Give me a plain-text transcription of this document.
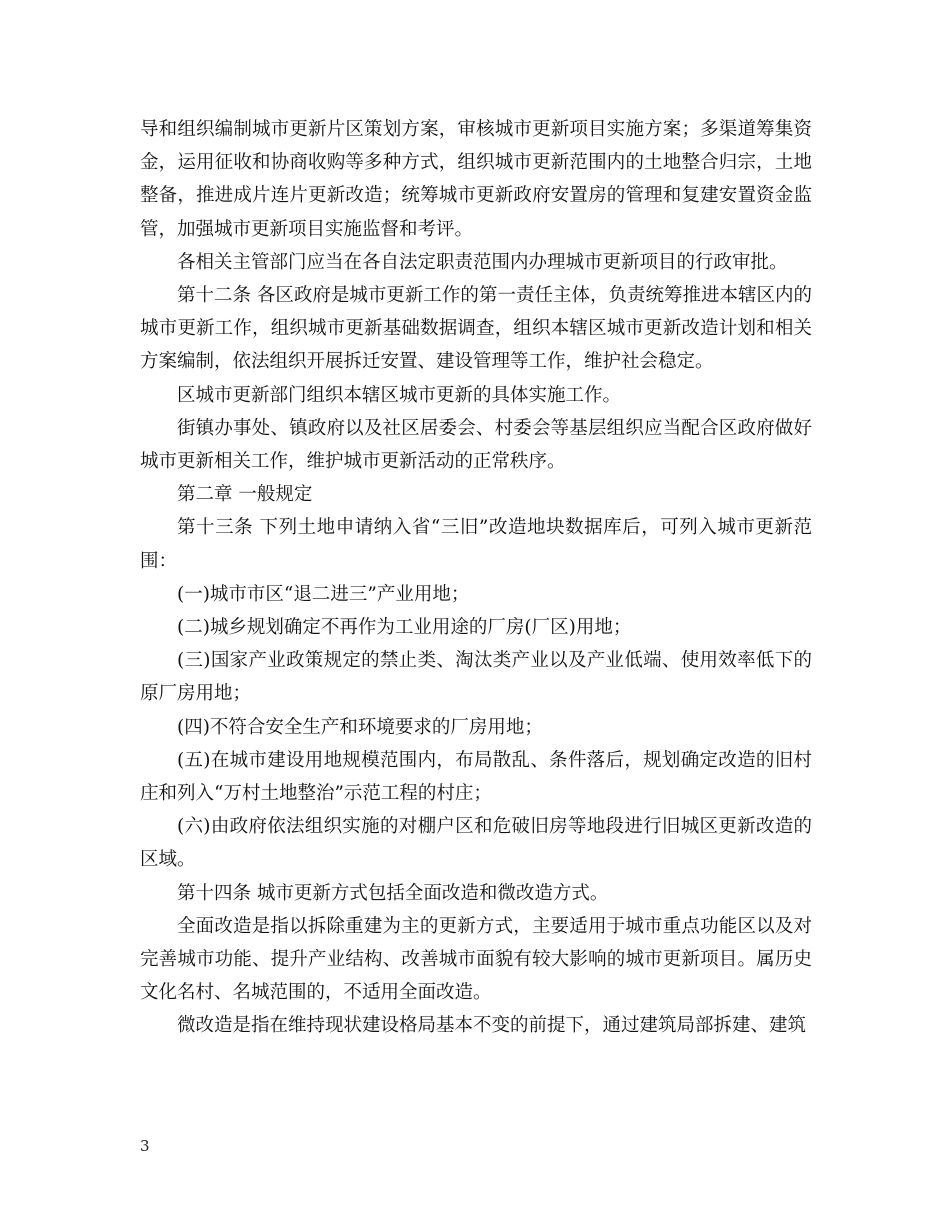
导和组织编制城市更新片区策划方案，审核城市更新项目实施方案；多渠道筹集资金，运用征收和协商收购等多种方式，组织城市更新范围内的土地整合归宗，土地整备，推进成片连片更新改造；统筹城市更新政府安置房的管理和复建安置资金监管，加强城市更新项目实施监督和考评。

各相关主管部门应当在各自法定职责范围内办理城市更新项目的行政审批。

第十二条 各区政府是城市更新工作的第一责任主体，负责统筹推进本辖区内的城市更新工作，组织城市更新基础数据调查，组织本辖区城市更新改造计划和相关方案编制，依法组织开展拆迁安置、建设管理等工作，维护社会稳定。

区城市更新部门组织本辖区城市更新的具体实施工作。

街镇办事处、镇政府以及社区居委会、村委会等基层组织应当配合区政府做好城市更新相关工作，维护城市更新活动的正常秩序。

第二章 一般规定

第十三条 下列土地申请纳入省“三旧”改造地块数据库后，可列入城市更新范围：

(一)城市市区“退二进三”产业用地；

(二)城乡规划确定不再作为工业用途的厂房(厂区)用地；

(三)国家产业政策规定的禁止类、淘汰类产业以及产业低端、使用效率低下的原厂房用地；

(四)不符合安全生产和环境要求的厂房用地；

(五)在城市建设用地规模范围内，布局散乱、条件落后，规划确定改造的旧村庄和列入“万村土地整治”示范工程的村庄；

(六)由政府依法组织实施的对棚户区和危破旧房等地段进行旧城区更新改造的区域。

第十四条 城市更新方式包括全面改造和微改造方式。

全面改造是指以拆除重建为主的更新方式，主要适用于城市重点功能区以及对完善城市功能、提升产业结构、改善城市面貌有较大影响的城市更新项目。属历史文化名村、名城范围的，不适用全面改造。

微改造是指在维持现状建设格局基本不变的前提下，通过建筑局部拆建、建筑

3
